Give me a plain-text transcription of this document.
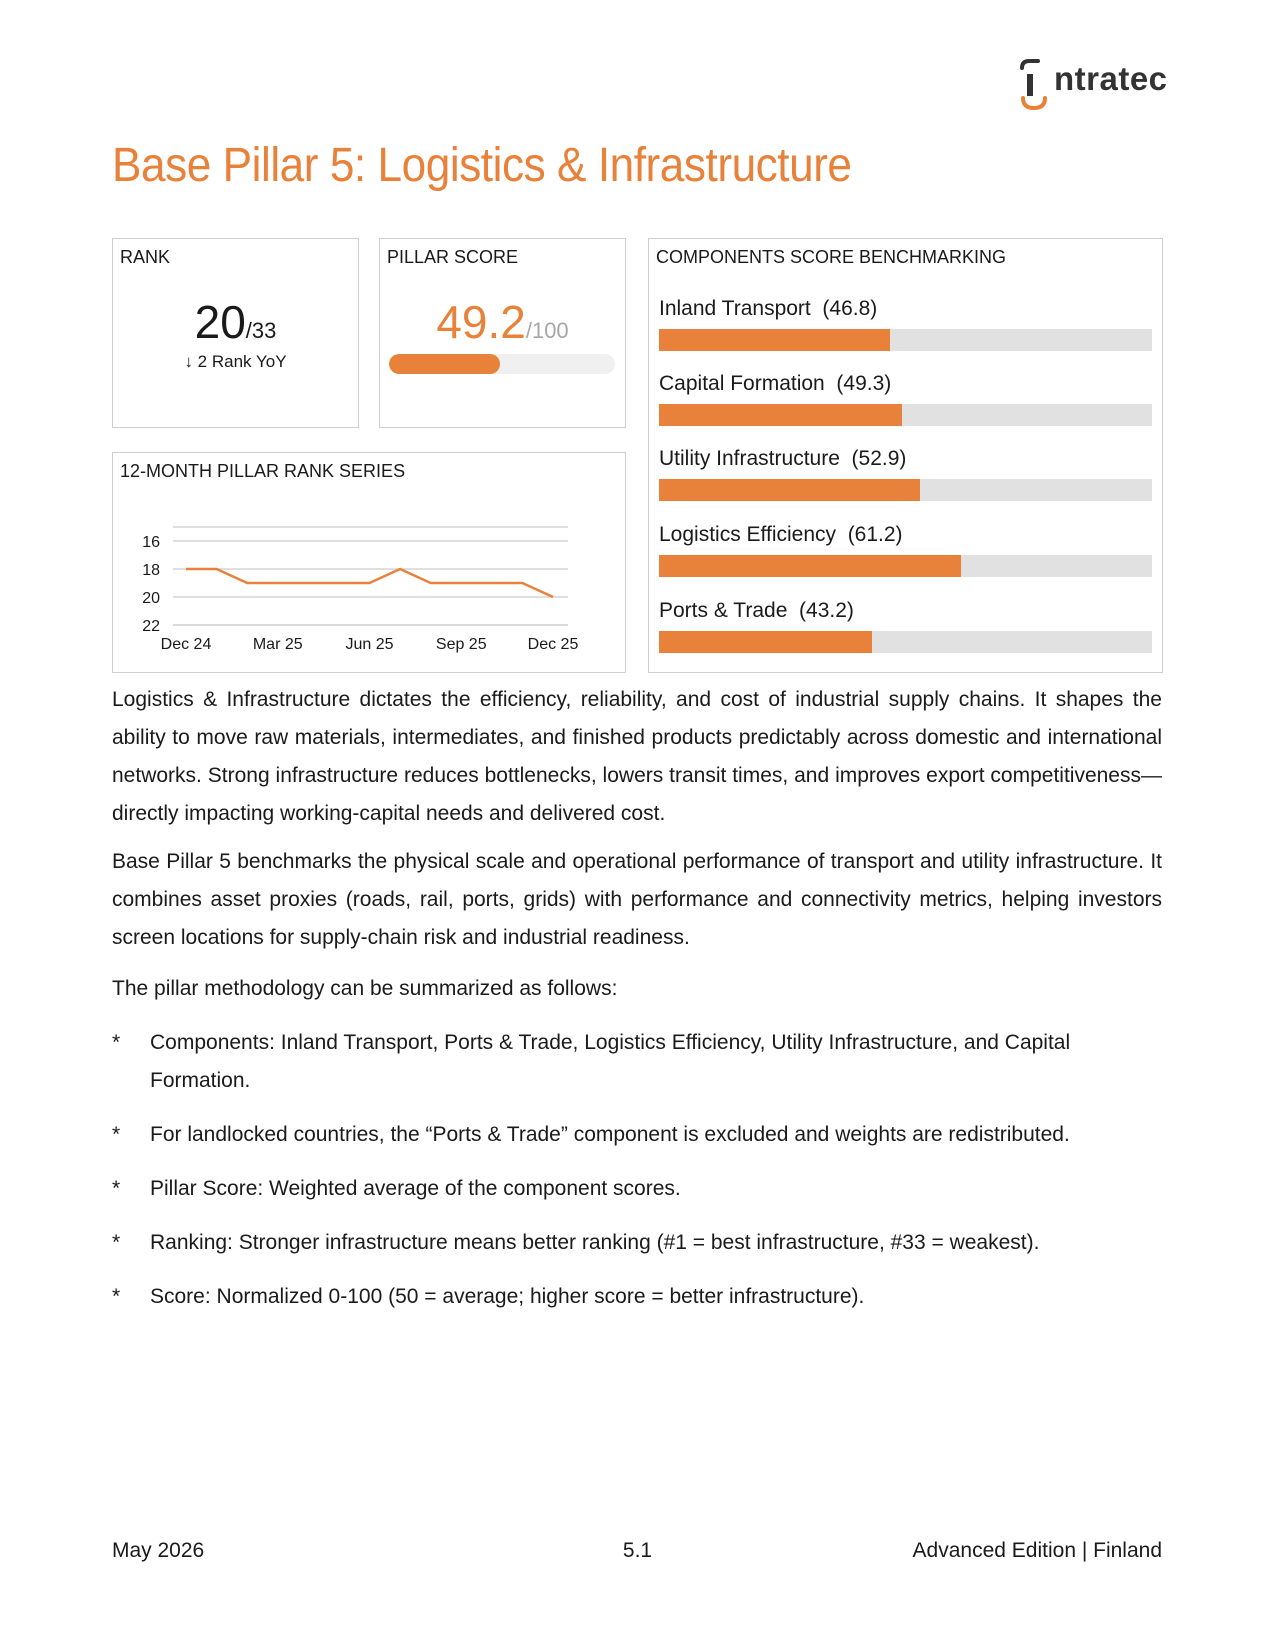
ntratec
Base Pillar 5: Logistics & Infrastructure
RANK
20/33
↓ 2 Rank YoY
PILLAR SCORE
49.2/100
12-MONTH PILLAR RANK SERIES
16
18
20
22
Dec 24	Mar 25	Jun 25	Sep 25	Dec 25
COMPONENTS SCORE BENCHMARKING
Inland Transport  (46.8)
Capital Formation  (49.3)
Utility Infrastructure  (52.9)
Logistics Efficiency  (61.2)
Ports & Trade  (43.2)

Logistics & Infrastructure dictates the efficiency, reliability, and cost of industrial supply chains. It shapes the ability to move raw materials, intermediates, and finished products predictably across domestic and international networks. Strong infrastructure reduces bottlenecks, lowers transit times, and improves export competitiveness—directly impacting working-capital needs and delivered cost.

Base Pillar 5 benchmarks the physical scale and operational performance of transport and utility infrastructure. It combines asset proxies (roads, rail, ports, grids) with performance and connectivity metrics, helping investors screen locations for supply-chain risk and industrial readiness.

The pillar methodology can be summarized as follows:

* Components: Inland Transport, Ports & Trade, Logistics Efficiency, Utility Infrastructure, and Capital Formation.
* For landlocked countries, the “Ports & Trade” component is excluded and weights are redistributed.
* Pillar Score: Weighted average of the component scores.
* Ranking: Stronger infrastructure means better ranking (#1 = best infrastructure, #33 = weakest).
* Score: Normalized 0-100 (50 = average; higher score = better infrastructure).
5.1
May 2026	Advanced Edition | Finland
